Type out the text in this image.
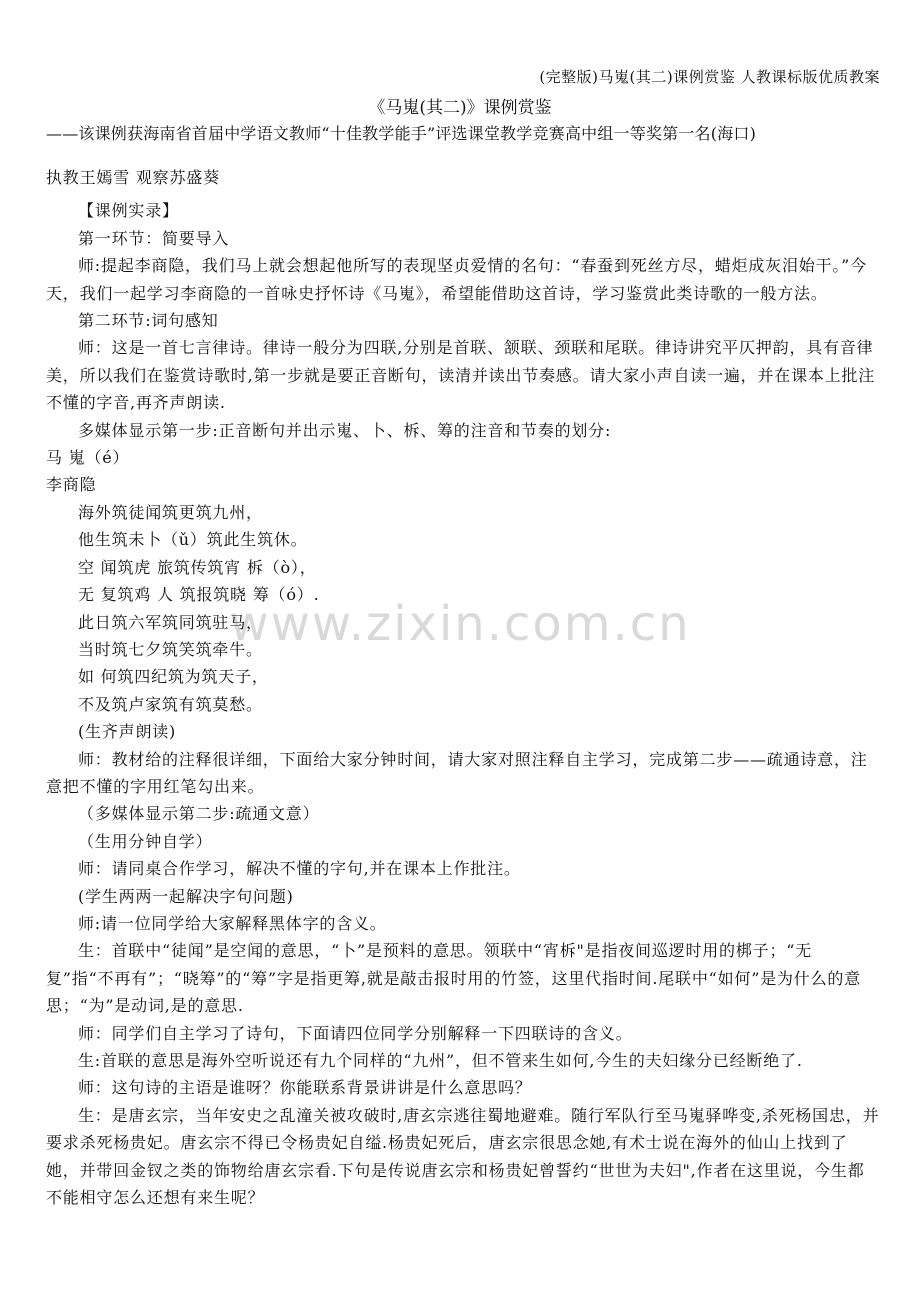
(完整版)马嵬(其二)课例赏鉴 人教课标版优质教案
《马嵬(其二)》课例赏鉴
——该课例获海南省首届中学语文教师“十佳教学能手”评选课堂教学竞赛高中组一等奖第一名(海口)
www.zixin.com.cn

执教王嫣雪 观察苏盛葵

【课例实录】

第一环节：简要导入

师:提起李商隐，我们马上就会想起他所写的表现坚贞爱情的名句：“春蚕到死丝方尽，蜡炬成灰泪始干。”今天，我们一起学习李商隐的一首咏史抒怀诗《马嵬》，希望能借助这首诗，学习鉴赏此类诗歌的一般方法。

第二环节:词句感知

师：这是一首七言律诗。律诗一般分为四联,分别是首联、颔联、颈联和尾联。律诗讲究平仄押韵，具有音律美，所以我们在鉴赏诗歌时,第一步就是要正音断句，读清并读出节奏感。请大家小声自读一遍，并在课本上批注不懂的字音,再齐声朗读.

多媒体显示第一步:正音断句并出示嵬、卜、柝、筹的注音和节奏的划分:

马 嵬（é）

李商隐

海外筑徒闻筑更筑九州，

他生筑未卜（ǔ）筑此生筑休。

空 闻筑虎 旅筑传筑宵 柝（ò），

无 复筑鸡 人 筑报筑晓 筹（ó）.

此日筑六军筑同筑驻马，

当时筑七夕筑笑筑牵牛。

如 何筑四纪筑为筑天子，

不及筑卢家筑有筑莫愁。

(生齐声朗读)

师：教材给的注释很详细，下面给大家分钟时间，请大家对照注释自主学习，完成第二步——疏通诗意，注意把不懂的字用红笔勾出来。

（多媒体显示第二步:疏通文意）

（生用分钟自学）

师：请同桌合作学习，解决不懂的字句,并在课本上作批注。

(学生两两一起解决字句问题)

师:请一位同学给大家解释黑体字的含义。

生：首联中“徒闻”是空闻的意思，“卜”是预料的意思。领联中“宵柝"是指夜间巡逻时用的梆子；“无复”指“不再有”；“晓筹”的“筹”字是指更筹,就是敲击报时用的竹签，这里代指时间.尾联中“如何”是为什么的意思；“为”是动词,是的意思.

师：同学们自主学习了诗句，下面请四位同学分别解释一下四联诗的含义。

生:首联的意思是海外空听说还有九个同样的“九州”，但不管来生如何,今生的夫妇缘分已经断绝了.

师：这句诗的主语是谁呀？你能联系背景讲讲是什么意思吗？

生：是唐玄宗，当年安史之乱潼关被攻破时,唐玄宗逃往蜀地避难。随行军队行至马嵬驿哗变,杀死杨国忠，并要求杀死杨贵妃。唐玄宗不得已令杨贵妃自缢.杨贵妃死后，唐玄宗很思念她,有术士说在海外的仙山上找到了她，并带回金钗之类的饰物给唐玄宗看.下句是传说唐玄宗和杨贵妃曾誓约“世世为夫妇",作者在这里说，今生都不能相守怎么还想有来生呢？
